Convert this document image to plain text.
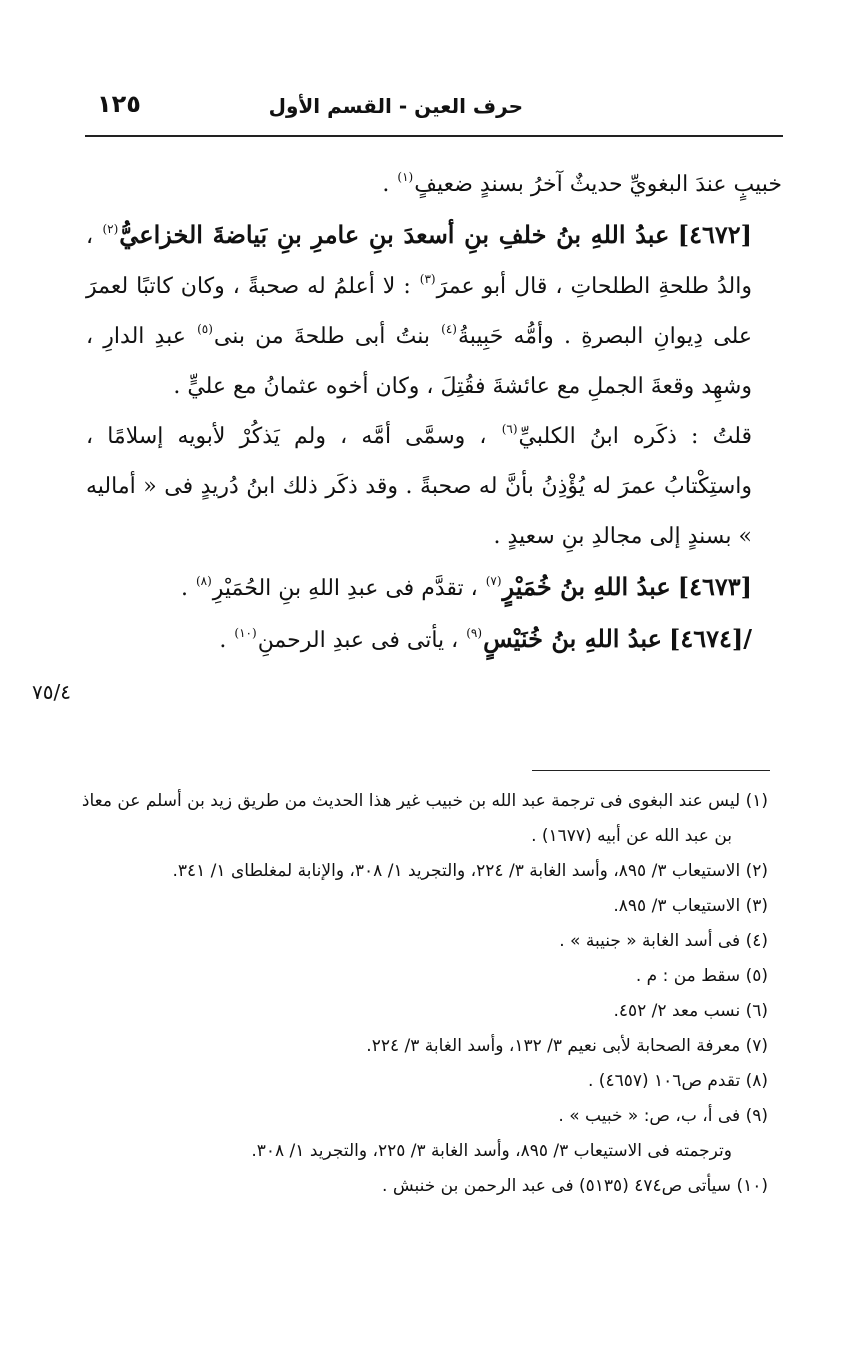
١٢٥	حرف العين - القسم الأول

خبيبٍ عندَ البغويِّ حديثٌ آخرُ بسندٍ ضعيفٍ$^{(١)}$ .

[٤٦٧٢] عبدُ اللهِ بنُ خلفِ بنِ أسعدَ بنِ عامرِ بنِ بَياضةَ الخزاعيُّ$^{(٢)}$ ، والدُ طلحةِ الطلحاتِ ، قال أبو عمرَ$^{(٣)}$ : لا أعلمُ له صحبةً ، وكان كاتبًا لعمرَ على دِيوانِ البصرةِ . وأمُّه حَبِيبةُ$^{(٤)}$ بنتُ أبى طلحةَ من بنى$^{(٥)}$ عبدِ الدارِ ، وشهِد وقعةَ الجملِ مع عائشةَ فقُتِلَ ، وكان أخوه عثمانُ مع عليٍّ .

قلتُ : ذكَره ابنُ الكلبيِّ$^{(٦)}$ ، وسمَّى أمَّه ، ولم يَذكُرْ لأبويه إسلامًا ، واستِكْتابُ عمرَ له يُؤْذِنُ بأنَّ له صحبةً . وقد ذكَر ذلك ابنُ دُريدٍ فى « أماليه » بسندٍ إلى مجالدِ بنِ سعيدٍ .

[٤٦٧٣] عبدُ اللهِ بنُ خُمَيْرٍ$^{(٧)}$ ، تقدَّم فى عبدِ اللهِ بنِ الحُمَيْرِ$^{(٨)}$ .

/[٤٦٧٤] عبدُ اللهِ بنُ خُنَيْسٍ$^{(٩)}$ ، يأتى فى عبدِ الرحمنِ$^{(١٠)}$ .

٧٥/٤

(١) ليس عند البغوى فى ترجمة عبد الله بن خبيب غير هذا الحديث من طريق زيد بن أسلم عن معاذ

بن عبد الله عن أبيه (١٦٧٧) .

(٢) الاستيعاب ٣/ ٨٩٥، وأسد الغابة ٣/ ٢٢٤، والتجريد ١/ ٣٠٨، والإنابة لمغلطاى ١/ ٣٤١.

(٣) الاستيعاب ٣/ ٨٩٥.

(٤) فى أسد الغابة « جنيبة » .

(٥) سقط من : م .

(٦) نسب معد ٢/ ٤٥٢.

(٧) معرفة الصحابة لأبى نعيم ٣/ ١٣٢، وأسد الغابة ٣/ ٢٢٤.

(٨) تقدم ص١٠٦ (٤٦٥٧) .

(٩) فى أ، ب، ص: « خبيب » .

وترجمته فى الاستيعاب ٣/ ٨٩٥، وأسد الغابة ٣/ ٢٢٥، والتجريد ١/ ٣٠٨.

(١٠) سيأتى ص٤٧٤ (٥١٣٥) فى عبد الرحمن بن خنبش .
